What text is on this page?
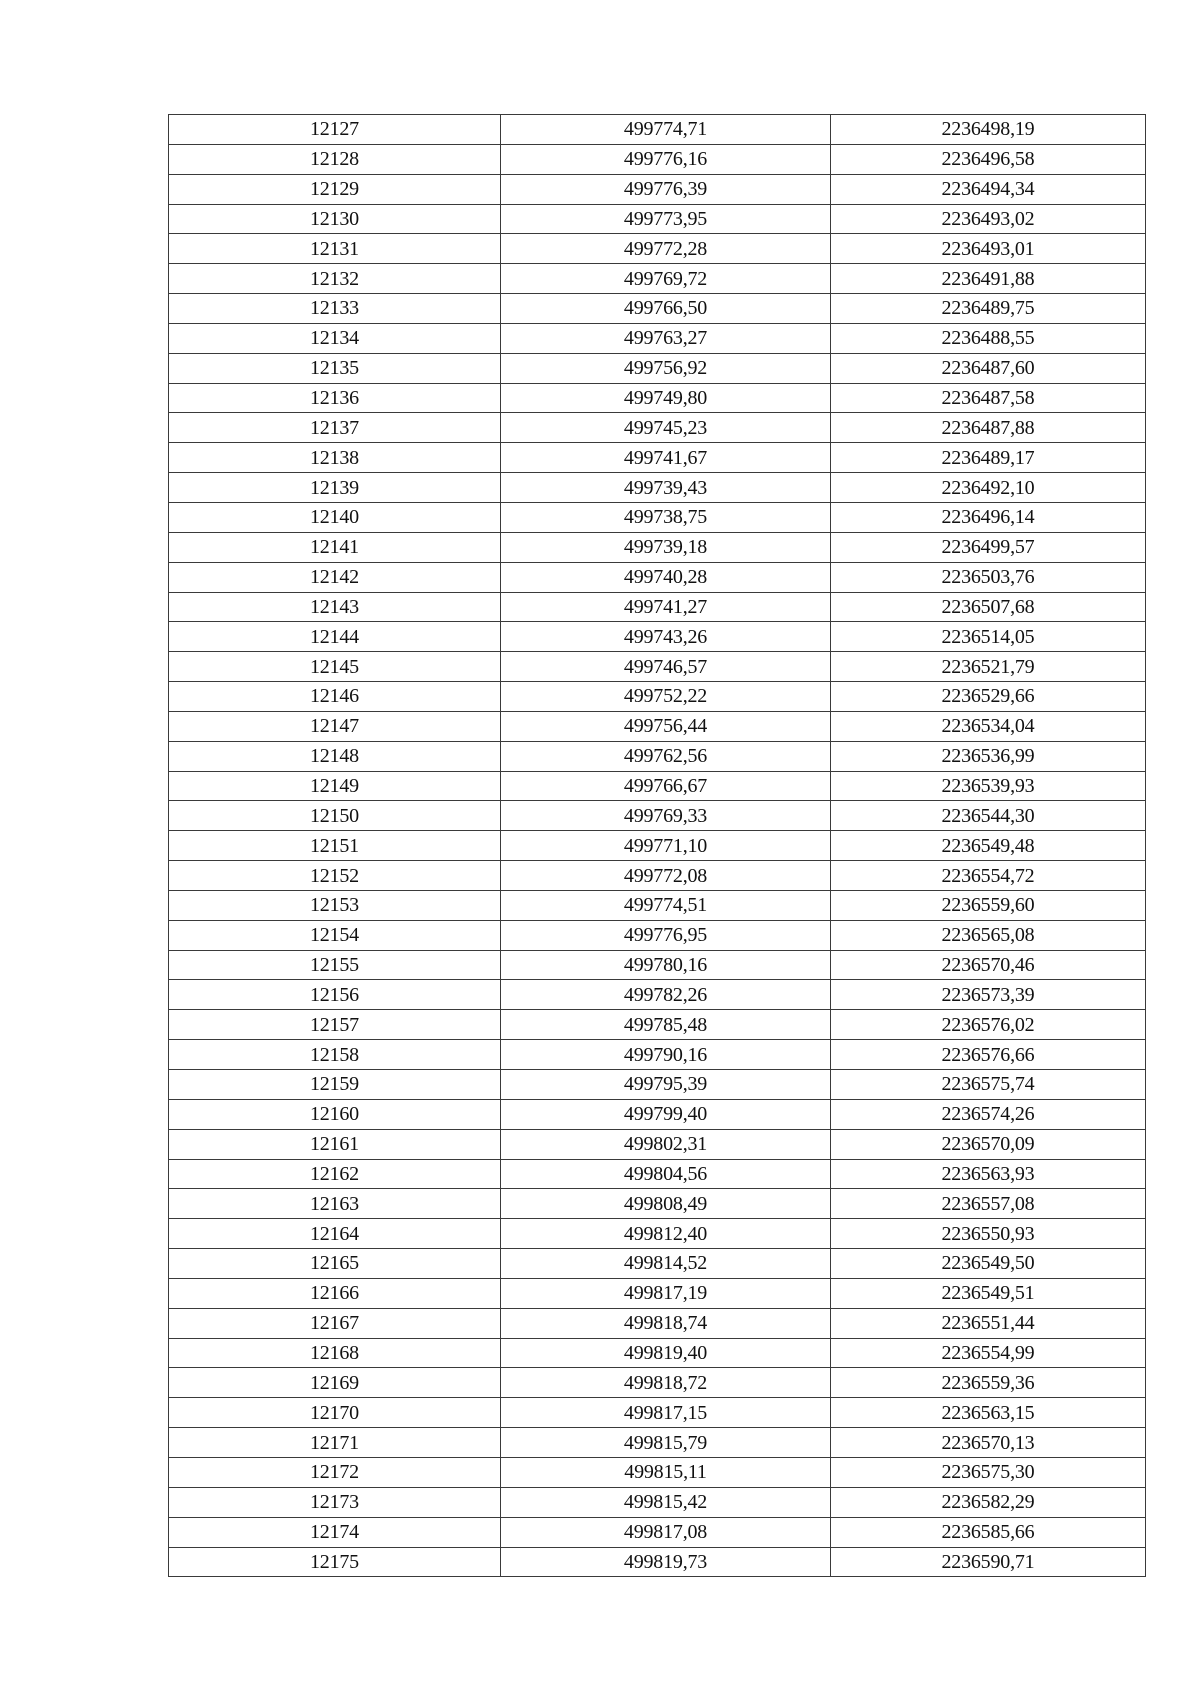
12127	499774,71	2236498,19
12128	499776,16	2236496,58
12129	499776,39	2236494,34
12130	499773,95	2236493,02
12131	499772,28	2236493,01
12132	499769,72	2236491,88
12133	499766,50	2236489,75
12134	499763,27	2236488,55
12135	499756,92	2236487,60
12136	499749,80	2236487,58
12137	499745,23	2236487,88
12138	499741,67	2236489,17
12139	499739,43	2236492,10
12140	499738,75	2236496,14
12141	499739,18	2236499,57
12142	499740,28	2236503,76
12143	499741,27	2236507,68
12144	499743,26	2236514,05
12145	499746,57	2236521,79
12146	499752,22	2236529,66
12147	499756,44	2236534,04
12148	499762,56	2236536,99
12149	499766,67	2236539,93
12150	499769,33	2236544,30
12151	499771,10	2236549,48
12152	499772,08	2236554,72
12153	499774,51	2236559,60
12154	499776,95	2236565,08
12155	499780,16	2236570,46
12156	499782,26	2236573,39
12157	499785,48	2236576,02
12158	499790,16	2236576,66
12159	499795,39	2236575,74
12160	499799,40	2236574,26
12161	499802,31	2236570,09
12162	499804,56	2236563,93
12163	499808,49	2236557,08
12164	499812,40	2236550,93
12165	499814,52	2236549,50
12166	499817,19	2236549,51
12167	499818,74	2236551,44
12168	499819,40	2236554,99
12169	499818,72	2236559,36
12170	499817,15	2236563,15
12171	499815,79	2236570,13
12172	499815,11	2236575,30
12173	499815,42	2236582,29
12174	499817,08	2236585,66
12175	499819,73	2236590,71
